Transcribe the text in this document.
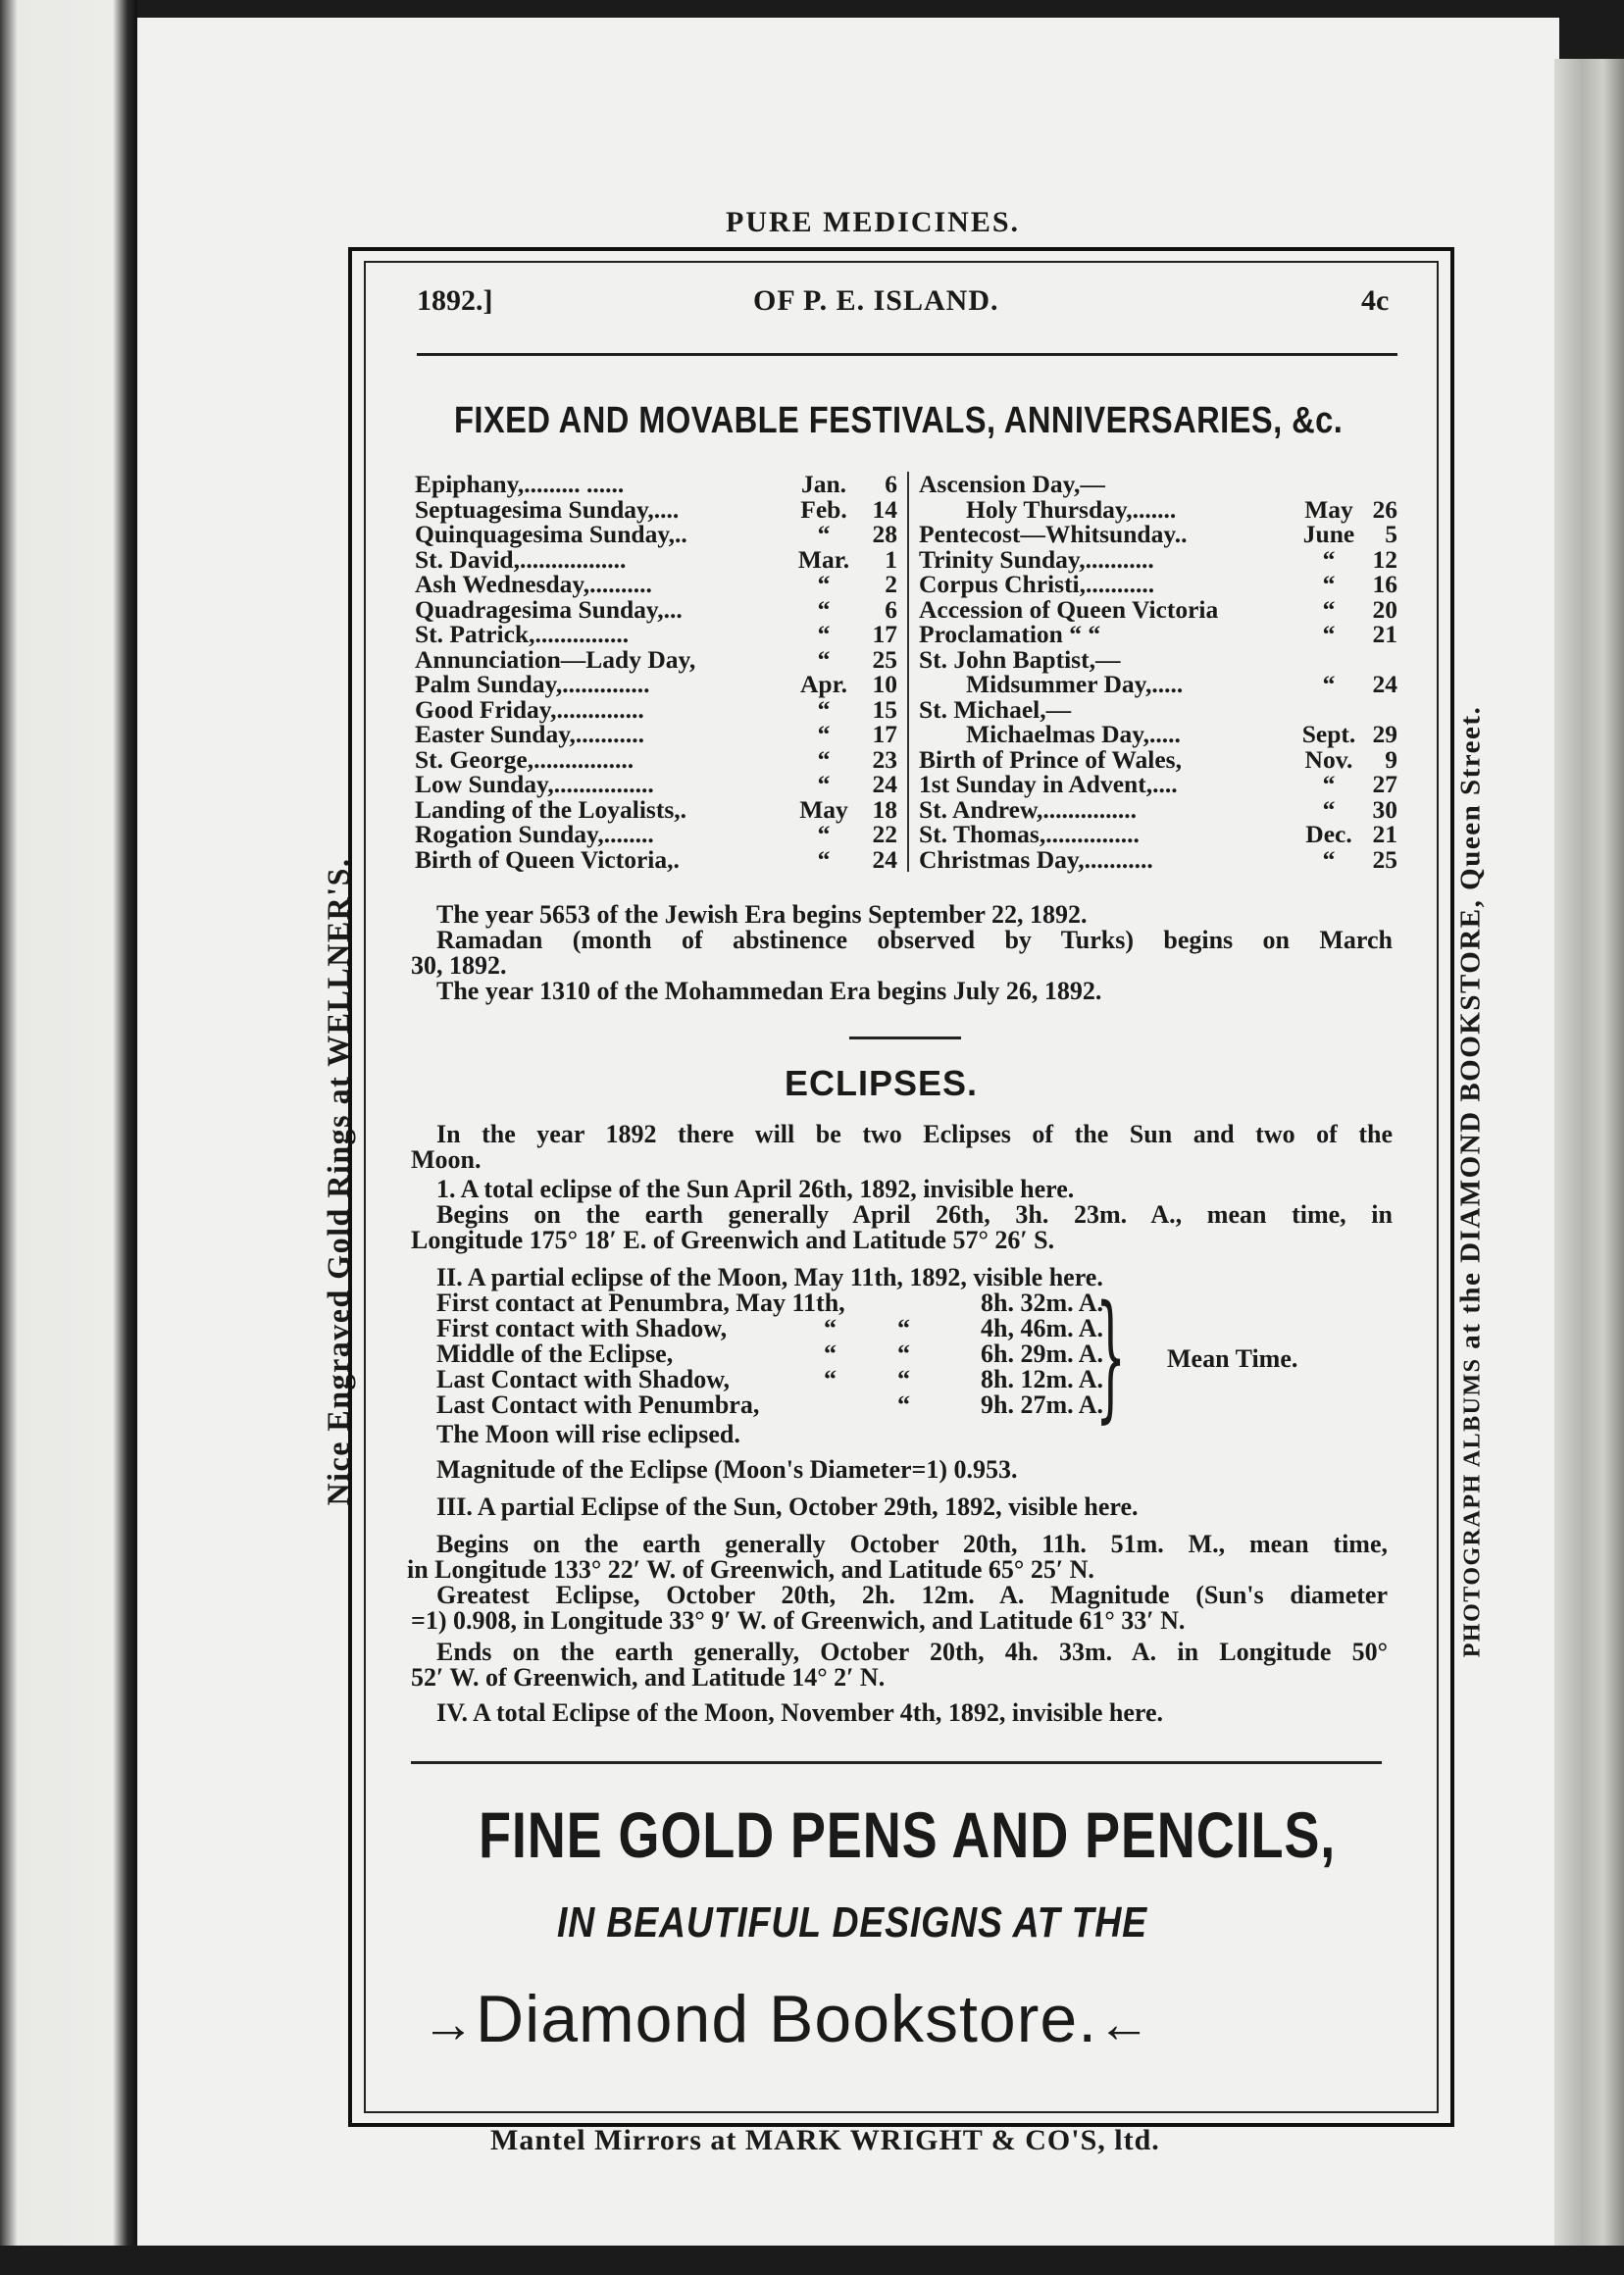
PURE MEDICINES.
Nice Engraved Gold Rings at WELLNER'S.
PHOTOGRAPH ALBUMS at the DIAMOND BOOKSTORE, Queen Street.
1892.]	OF P. E. ISLAND.	4c
FIXED AND MOVABLE FESTIVALS, ANNIVERSARIES, &c.
Epiphany,......... ......	Jan.	6
Septuagesima Sunday,....	Feb.	14
Quinquagesima Sunday,..	“	28
St. David,.................	Mar.	1
Ash Wednesday,..........	“	2
Quadragesima Sunday,...	“	6
St. Patrick,...............	“	17
Annunciation—Lady Day,	“	25
Palm Sunday,..............	Apr.	10
Good Friday,..............	“	15
Easter Sunday,...........	“	17
St. George,................	“	23
Low Sunday,................	“	24
Landing of the Loyalists,.	May 18
Rogation Sunday,........	“	22
Birth of Queen Victoria,.	“	24
Ascension Day,—
Holy Thursday,.......	May 26
Pentecost—Whitsunday..	June	5
Trinity Sunday,...........	“	12
Corpus Christi,...........	“	16
Accession of Queen Victoria	“	20
Proclamation “ “	“	21
St. John Baptist,—
Midsummer Day,.....	“	24
St. Michael,—
Michaelmas Day,.....	Sept. 29
Birth of Prince of Wales,	Nov.	9
1st Sunday in Advent,....	“	27
St. Andrew,...............	“	30
St. Thomas,...............	Dec. 21
Christmas Day,...........	“	25
The year 5653 of the Jewish Era begins September 22, 1892.
Ramadan (month of abstinence observed by Turks) begins on March
30, 1892.
The year 1310 of the Mohammedan Era begins July 26, 1892.
ECLIPSES.
In the year 1892 there will be two Eclipses of the Sun and two of the
Moon.
1. A total eclipse of the Sun April 26th, 1892, invisible here.
Begins on the earth generally April 26th, 3h. 23m. A., mean time, in
Longitude 175° 18′ E. of Greenwich and Latitude 57° 26′ S.
II. A partial eclipse of the Moon, May 11th, 1892, visible here.
First contact at Penumbra, May 11th,	8h. 32m. A.
First contact with Shadow,	“ “	4h, 46m. A.
Middle of the Eclipse,	“ “	6h. 29m. A.
Last Contact with Shadow,	“ “	8h. 12m. A.
Last Contact with Penumbra,	“	9h. 27m. A.
} Mean Time.
The Moon will rise eclipsed.
Magnitude of the Eclipse (Moon's Diameter=1) 0.953.
III. A partial Eclipse of the Sun, October 29th, 1892, visible here.
Begins on the earth generally October 20th, 11h. 51m. M., mean time,
in Longitude 133° 22′ W. of Greenwich, and Latitude 65° 25′ N.
Greatest Eclipse, October 20th, 2h. 12m. A. Magnitude (Sun's diameter
=1) 0.908, in Longitude 33° 9′ W. of Greenwich, and Latitude 61° 33′ N.
Ends on the earth generally, October 20th, 4h. 33m. A. in Longitude 50°
52′ W. of Greenwich, and Latitude 14° 2′ N.
IV. A total Eclipse of the Moon, November 4th, 1892, invisible here.
FINE GOLD PENS AND PENCILS,
IN BEAUTIFUL DESIGNS AT THE
→Diamond Bookstore.←
Mantel Mirrors at MARK WRIGHT & CO'S, ltd.
